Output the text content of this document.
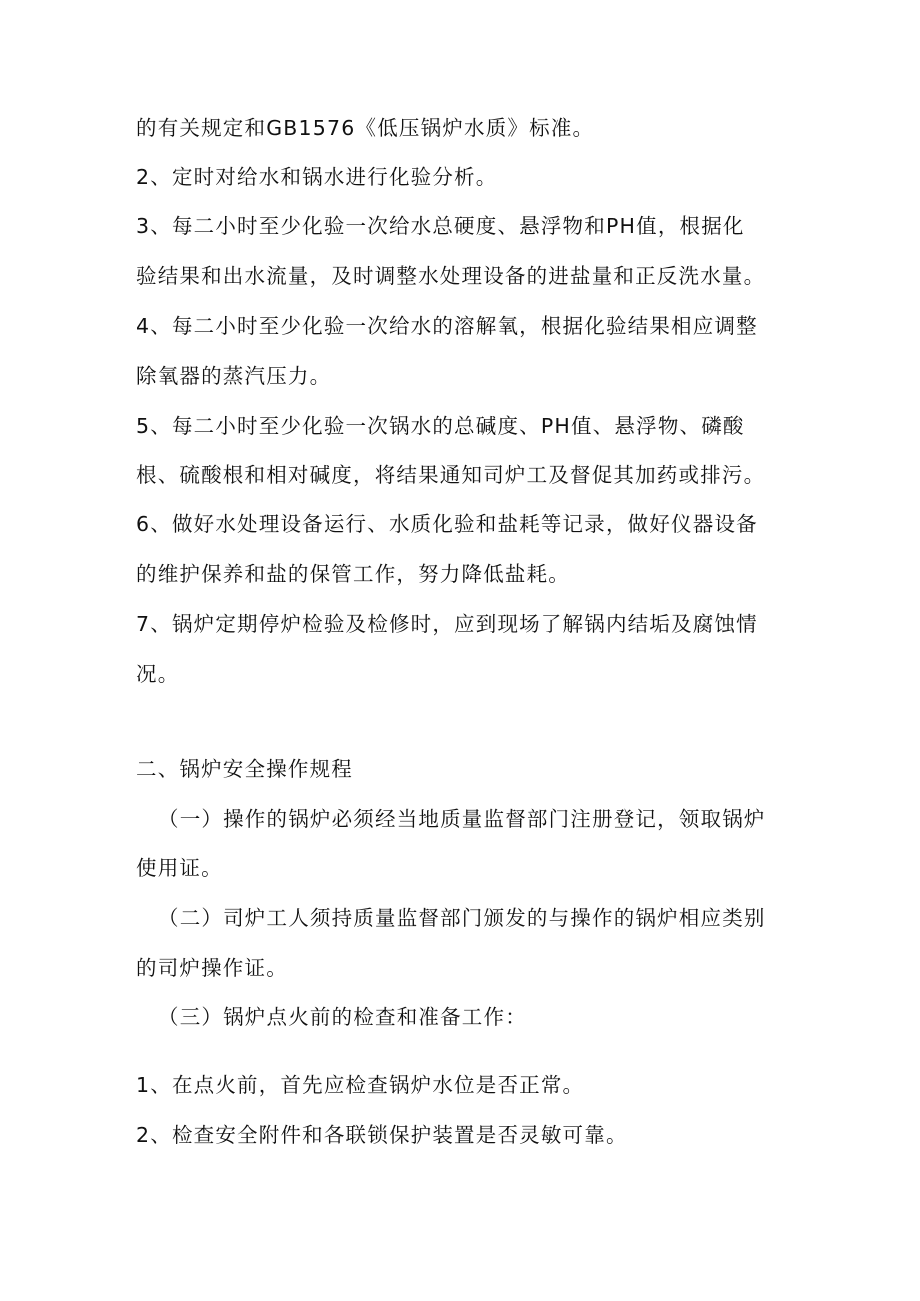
的有关规定和GB1576《低压锅炉水质》标准。
2、定时对给水和锅水进行化验分析。
3、每二小时至少化验一次给水总硬度、悬浮物和PH值，根据化
验结果和出水流量，及时调整水处理设备的进盐量和正反洗水量。
4、每二小时至少化验一次给水的溶解氧，根据化验结果相应调整
除氧器的蒸汽压力。
5、每二小时至少化验一次锅水的总碱度、PH值、悬浮物、磷酸
根、硫酸根和相对碱度，将结果通知司炉工及督促其加药或排污。
6、做好水处理设备运行、水质化验和盐耗等记录，做好仪器设备
的维护保养和盐的保管工作，努力降低盐耗。
7、锅炉定期停炉检验及检修时，应到现场了解锅内结垢及腐蚀情
况。
二、锅炉安全操作规程
（一）操作的锅炉必须经当地质量监督部门注册登记，领取锅炉
使用证。
（二）司炉工人须持质量监督部门颁发的与操作的锅炉相应类别
的司炉操作证。
（三）锅炉点火前的检查和准备工作：
1、在点火前，首先应检查锅炉水位是否正常。
2、检查安全附件和各联锁保护装置是否灵敏可靠。
